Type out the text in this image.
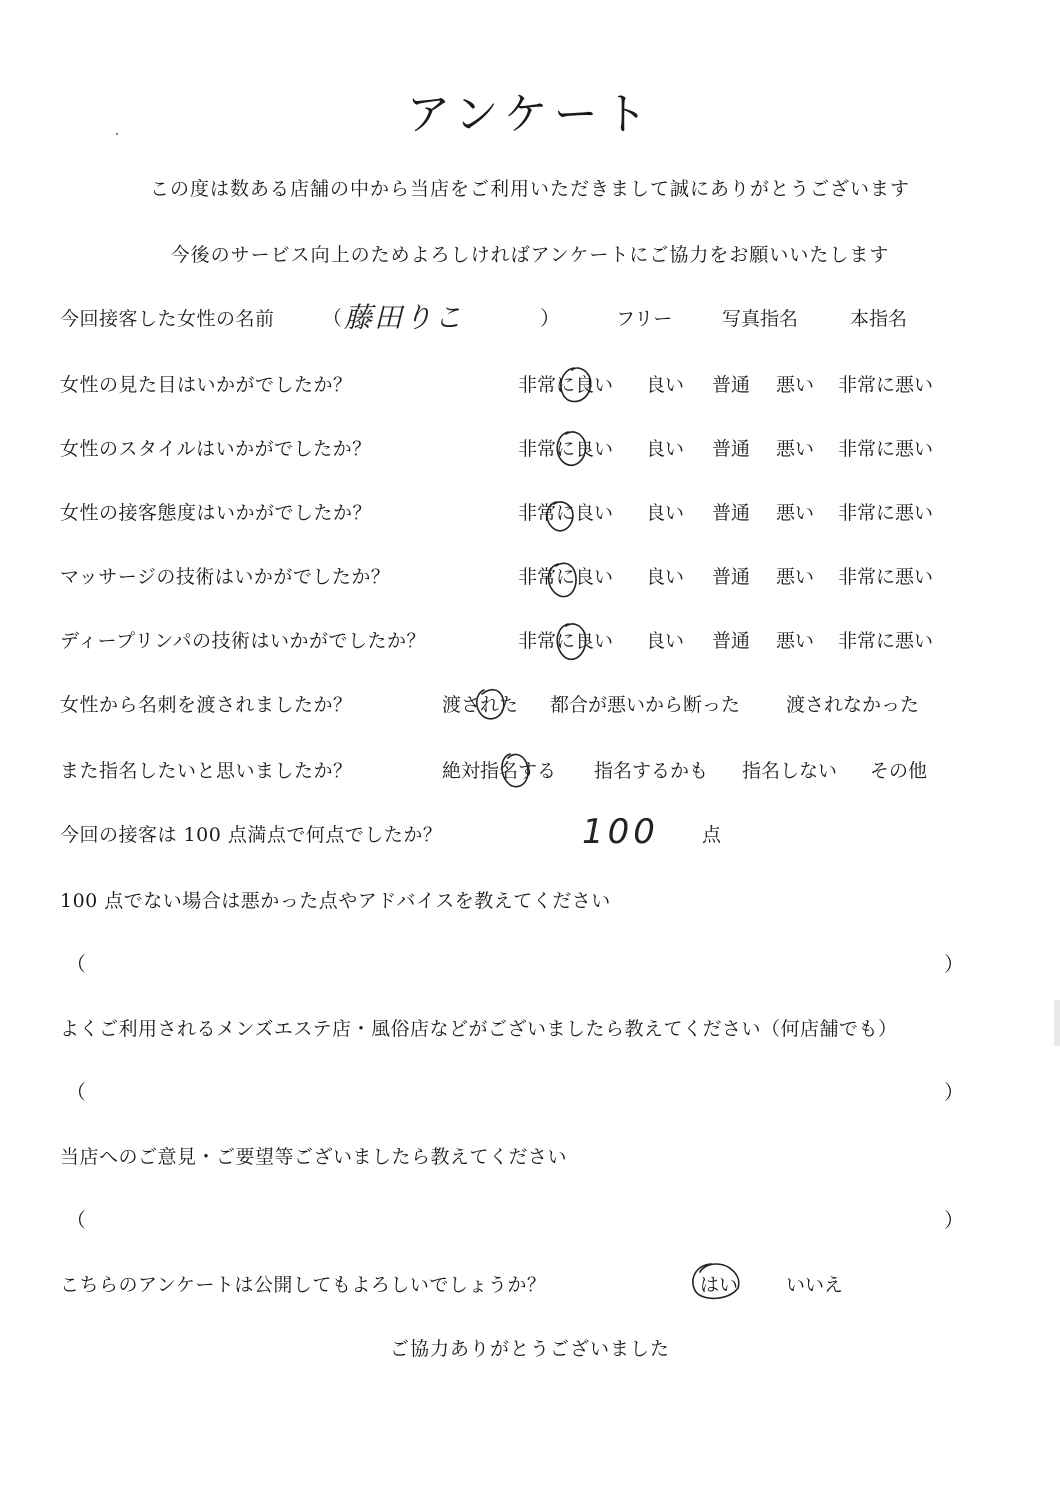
アンケート
この度は数ある店舗の中から当店をご利用いただきまして誠にありがとうございます
今後のサービス向上のためよろしければアンケートにご協力をお願いいたします
今回接客した女性の名前 （ 藤田りこ	）	フリー	写真指名	本指名
女性の見た目はいかがでしたか？	非常に良い 良い 普通 悪い 非常に悪い
女性のスタイルはいかがでしたか？	非常に良い 良い 普通 悪い 非常に悪い
女性の接客態度はいかがでしたか？	非常に良い 良い 普通 悪い 非常に悪い
マッサージの技術はいかがでしたか？	非常に良い 良い 普通 悪い 非常に悪い
ディープリンパの技術はいかがでしたか？	非常に良い 良い 普通 悪い 非常に悪い
女性から名刺を渡されましたか？	渡された 都合が悪いから断った 渡されなかった
また指名したいと思いましたか？	絶対指名する 指名するかも 指名しない その他
今回の接客は 100 点満点で何点でしたか？	100 点
100 点でない場合は悪かった点やアドバイスを教えてください
（	）
よくご利用されるメンズエステ店・風俗店などがございましたら教えてください（何店舗でも）
（	）
当店へのご意見・ご要望等ございましたら教えてください
（	）
こちらのアンケートは公開してもよろしいでしょうか？	はい	いいえ
ご協力ありがとうございました
